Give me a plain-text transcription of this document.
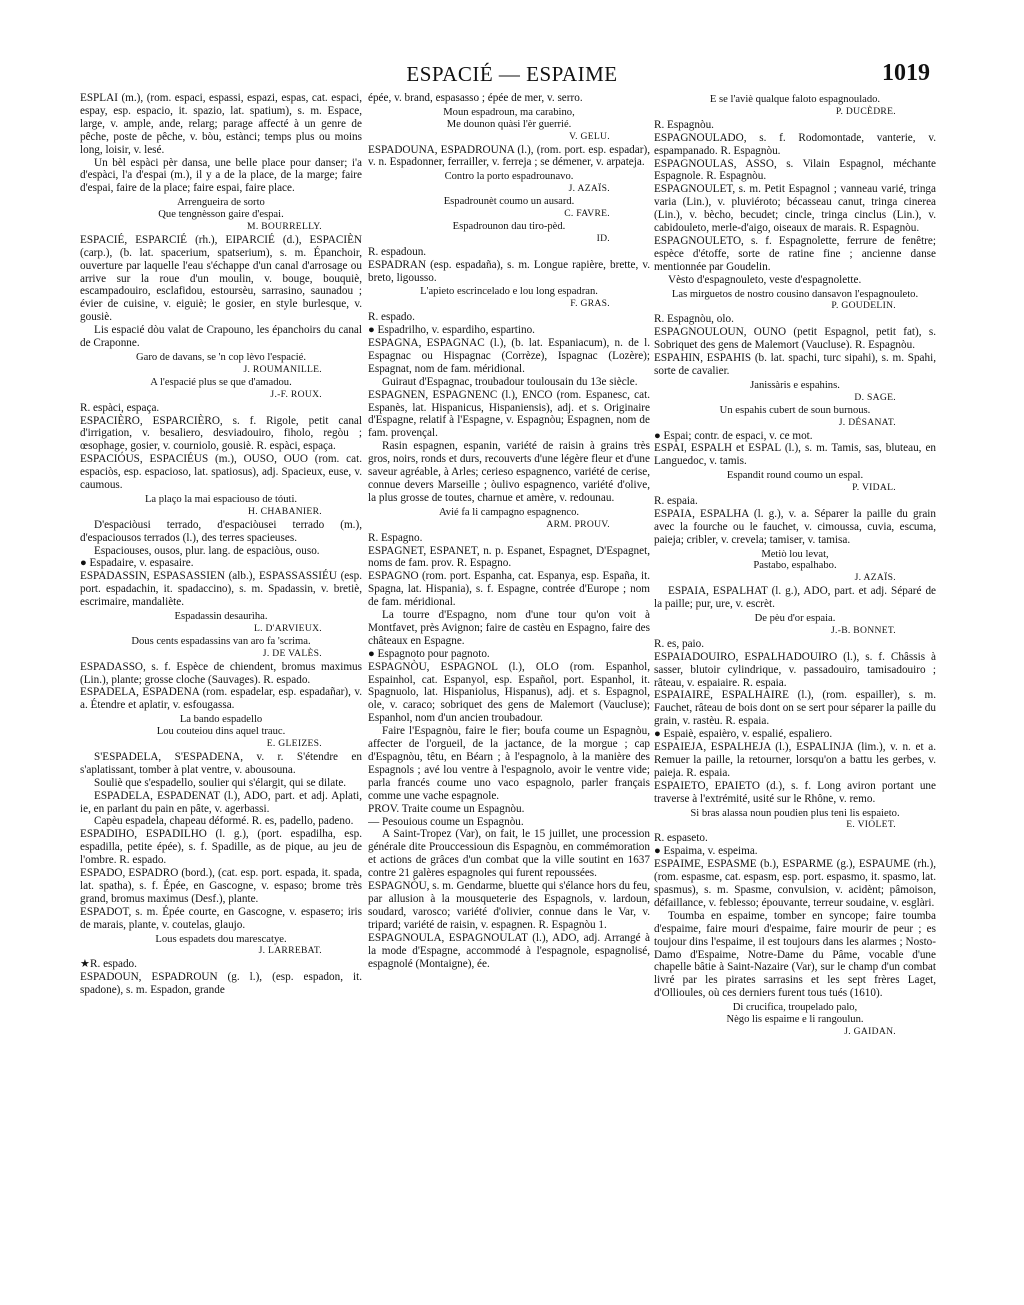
ESPACIÉ — ESPAIME	1019
ESPLAI (m.), (rom. espaci, espassi, espazi, espas, cat. espaci, espay, esp. espacio, it. spazio, lat. spatium), s. m. Espace, large, v. ample, ande, relarg; parage affecté à un genre de pêche, poste de pêche, v. bòu, estànci; temps plus ou moins long, loisir, v. lesé.
Un bèl espàci pèr dansa, une belle place pour danser; i'a d'espàci, l'a d'espai (m.), il y a de la place, de la marge; faire d'espai, faire de la place; faire espai, faire place.
Arrengueira de sorto
Que tengnèsson gaire d'espai.
M. BOURRELLY.
ESPACIÉ, ESPARCIÉ (rh.), EIPARCIÉ (d.), ESPACIÈN (carp.), (b. lat. spacerium, spatserium), s. m. Épanchoir, ouverture par laquelle l'eau s'échappe d'un canal d'arrosage ou arrive sur la roue d'un moulin, v. bouge, bouquiè, escampadouiro, esclafidou, estoursèu, sarrasino, saunadou ; évier de cuisine, v. eiguiè; le gosier, en style burlesque, v. gousiè.
Lis espacié dòu valat de Crapouno, les épanchoirs du canal de Craponne.
Garo de davans, se 'n cop lèvo l'espacié.
J. ROUMANILLE.
A l'espacié plus se que d'amadou.
J.-F. ROUX.
R. espàci, espaça.
ESPACIÈRO, ESPARCIÈRO, s. f. Rigole, petit canal d'irrigation, v. besaliero, desviadouiro, fiholo, regòu ; œsophage, gosier, v. courniolo, gousiè. R. espàci, espaça.
ESPACIÓUS, ESPACIÉUS (m.), OUSO, OUO (rom. cat. espaciòs, esp. espacioso, lat. spatiosus), adj. Spacieux, euse, v. caumous.
La plaço la mai espaciouso de tóuti.
H. CHABANIER.
D'espaciòusi terrado, d'espaciòusei terrado (m.), d'espaciousos terrados (l.), des terres spacieuses.
Espaciouses, ousos, plur. lang. de espaciòus, ouso.
● Espadaire, v. espasaire.
ESPADASSIN, ESPASASSIEN (alb.), ESPASSASSIÉU (esp. port. espadachin, it. spadaccino), s. m. Spadassin, v. bretiè, escrimaire, mandaliète.
Espadassin desaurìha.
L. D'ARVIEUX.
Dous cents espadassins van aro fa 'scrima.
J. DE VALÈS.
ESPADASSO, s. f. Espèce de chiendent, bromus maximus (Lin.), plante; grosse cloche (Sauvages). R. espado.
ESPADELA, ESPADENA (rom. espadelar, esp. espadañar), v. a. Étendre et aplatir, v. esfougassa.
La bando espadello
Lou couteiou dins aquel trauc.
E. GLEIZES.
S'ESPADELA, S'ESPADENA, v. r. S'étendre en s'aplatissant, tomber à plat ventre, v. abousouna.
Souliè que s'espadello, soulier qui s'élargit, qui se dilate.
ESPADELA, ESPADENAT (l.), ADO, part. et adj. Aplati, ie, en parlant du pain en pâte, v. agerbassi.
Capèu espadela, chapeau déformé. R. es, padello, padeno.
ESPADIHO, ESPADILHO (l. g.), (port. espadilha, esp. espadilla, petite épée), s. f. Spadille, as de pique, au jeu de l'ombre. R. espado.
ESPADO, ESPADRO (bord.), (cat. esp. port. espada, it. spada, lat. spatha), s. f. Épée, en Gascogne, v. espaso; brome très grand, bromus maximus (Desf.), plante.
ESPADOT, s. m. Épée courte, en Gascogne, v. espasето; iris de marais, plante, v. coutelas, glaujo.
Lous espadets dou marescatye.
J. LARREBAT.
★R. espado.
ESPADOUN, ESPADROUN (g. l.), (esp. espadon, it. spadone), s. m. Espadon, grande
épée, v. brand, espasasso ; épée de mer, v. serro.
Moun espadroun, ma carabino,
Me dounon quàsi l'èr guerrié.
V. GELU.
ESPADOUNA, ESPADROUNA (l.), (rom. port. esp. espadar), v. n. Espadonner, ferrailler, v. ferreja ; se démener, v. arpateja.
Contro la porto espadrounavo.
J. AZAÏS.
Espadrounèt coumo un ausard.
C. FAVRE.
Espadrounon dau tiro-pèd.
ID.
R. espadoun.
ESPADRAN (esp. espadaña), s. m. Longue rapière, brette, v. breto, ligousso.
L'apieto escrincelado e lou long espadran.
F. GRAS.
R. espado.
● Espadrilho, v. espardiho, espartino.
ESPAGNA, ESPAGNAC (l.), (b. lat. Espaniacum), n. de l. Espagnac ou Hispagnac (Corrèze), Ispagnac (Lozère); Espagnat, nom de fam. méridional.
Guiraut d'Espagnac, troubadour toulousain du 13e siècle.
ESPAGNEN, ESPAGNENC (l.), ENCO (rom. Espanesc, cat. Espanès, lat. Hispanicus, Hispaniensis), adj. et s. Originaire d'Espagne, relatif à l'Espagne, v. Espagnòu; Espagnen, nom de fam. provençal.
Rasin espagnen, espanin, variété de raisin à grains très gros, noirs, ronds et durs, recouverts d'une légère fleur et d'une saveur agréable, à Arles; cerieso espagnenco, variété de cerise, connue devers Marseille ; òulivo espagnenco, variété d'olive, la plus grosse de toutes, charnue et amère, v. redounau.
Avié fa li campagno espagnenco.
ARM. PROUV.
R. Espagno.
ESPAGNET, ESPANET, n. p. Espanet, Espagnet, D'Espagnet, noms de fam. prov. R. Espagno.
ESPAGNO (rom. port. Espanha, cat. Espanya, esp. España, it. Spagna, lat. Hispania), s. f. Espagne, contrée d'Europe ; nom de fam. méridional.
La tourre d'Espagno, nom d'une tour qu'on voit à Montfavet, près Avignon; faire de castèu en Espagno, faire des châteaux en Espagne.
● Espagnoto pour pagnoto.
ESPAGNÒU, ESPAGNOL (l.), OLO (rom. Espanhol, Espainhol, cat. Espanyol, esp. Español, port. Espanhol, it. Spagnuolo, lat. Hispaniolus, Hispanus), adj. et s. Espagnol, ole, v. caraco; sobriquet des gens de Malemort (Vaucluse); Espanhol, nom d'un ancien troubadour.
Faire l'Espagnòu, faire le fier; boufa coume un Espagnòu, affecter de l'orgueil, de la jactance, de la morgue ; cap d'Espagnòu, têtu, en Béarn ; à l'espagnolo, à la manière des Espagnols ; avé lou ventre à l'espagnolo, avoir le ventre vide; parla francés coume uno vaco espagnolo, parler français comme une vache espagnole.
PROV. Traite coume un Espagnòu.
— Pesouious coume un Espagnòu.
A Saint-Tropez (Var), on fait, le 15 juillet, une procession générale dite Prouccessioun dis Espagnòu, en commémoration et actions de grâces d'un combat que la ville soutint en 1637 contre 21 galères espagnoles qui furent repoussées.
ESPAGNÒU, s. m. Gendarme, bluette qui s'élance hors du feu, par allusion à la mousqueterie des Espagnols, v. lardoun, soudard, varosco; variété d'olivier, connue dans le Var, v. tripard; variété de raisin, v. espagnen. R. Espagnòu 1.
ESPAGNOULA, ESPAGNOULAT (l.), ADO, adj. Arrangé à la mode d'Espagne, accommodé à l'espagnole, espagnolisé, espagnolé (Montaigne), ée.
E se l'aviè qualque faloto espagnoulado.
P. DUCÈDRE.
R. Espagnòu.
ESPAGNOULADO, s. f. Rodomontade, vanterie, v. espampanado. R. Espagnòu.
ESPAGNOULAS, ASSO, s. Vilain Espagnol, méchante Espagnole. R. Espagnòu.
ESPAGNOULET, s. m. Petit Espagnol ; vanneau varié, tringa varia (Lin.), v. pluviéroto; bécasseau canut, tringa cinerea (Lin.), v. bècho, becudet; cincle, tringa cinclus (Lin.), v. cabidouleto, merle-d'aigo, oiseaux de marais. R. Espagnòu.
ESPAGNOULETO, s. f. Espagnolette, ferrure de fenêtre; espèce d'étoffe, sorte de ratine fine ; ancienne danse mentionnée par Goudelin.
Vèsto d'espagnouleto, veste d'espagnolette.
Las mirguetos de nostro cousino dansavon l'espagnouleto.
P. GOUDELIN.
R. Espagnòu, olo.
ESPAGNOULOUN, OUNO (petit Espagnol, petit fat), s. Sobriquet des gens de Malemort (Vaucluse). R. Espagnòu.
ESPAHIN, ESPAHIS (b. lat. spachi, turc sipahi), s. m. Spahi, sorte de cavalier.
Janissàris e espahins.
D. SAGE.
Un espahis cubert de soun burnous.
J. DÉSANAT.
● Espai; contr. de espaci, v. ce mot.
ESPAI, ESPALH et ESPAL (l.), s. m. Tamis, sas, bluteau, en Languedoc, v. tamis.
Espandit round coumo un espal.
P. VIDAL.
R. espaia.
ESPAIA, ESPALHA (l. g.), v. a. Séparer la paille du grain avec la fourche ou le fauchet, v. cimoussa, cuvia, escuma, paieja; cribler, v. crevela; tamiser, v. tamisa.
Metiò lou levat,
Pastabo, espalhabo.
J. AZAÏS.
ESPAIA, ESPALHAT (l. g.), ADO, part. et adj. Séparé de la paille; pur, ure, v. escrèt.
De pèu d'or espaia.
J.-B. BONNET.
R. es, paio.
ESPAIADOUIRO, ESPALHADOUIRO (l.), s. f. Châssis à sasser, blutoir cylindrique, v. passadouiro, tamisadouiro ; râteau, v. espaiaire. R. espaia.
ESPAIAIRE, ESPALHAIRE (l.), (rom. espailler), s. m. Fauchet, râteau de bois dont on se sert pour séparer la paille du grain, v. rastèu. R. espaia.
● Espaiè, espaièro, v. espalié, espaliero.
ESPAIEJA, ESPALHEJA (l.), ESPALINJA (lim.), v. n. et a. Remuer la paille, la retourner, lorsqu'on a battu les gerbes, v. paieja. R. espaia.
ESPAIETO, EPAIETO (d.), s. f. Long aviron portant une traverse à l'extrémité, usité sur le Rhône, v. remo.
Si bras alassa noun poudien plus teni lis espaieto.
E. VIOLET.
R. espaseto.
● Espaima, v. espeima.
ESPAIME, ESPASME (b.), ESPARME (g.), ESPAUME (rh.), (rom. espasme, cat. espasm, esp. port. espasmo, it. spasmo, lat. spasmus), s. m. Spasme, convulsion, v. acidènt; pâmoison, défaillance, v. feblesso; épouvante, terreur soudaine, v. esglàri.
Toumba en espaime, tomber en syncope; faire toumba d'espaime, faire mouri d'espaime, faire mourir de peur ; es toujour dins l'espaime, il est toujours dans les alarmes ; Nosto-Damo d'Espaime, Notre-Dame du Pâme, vocable d'une chapelle bâtie à Saint-Nazaire (Var), sur le champ d'un combat livré par les pirates sarrasins et les sept frères Laget, d'Ollioules, où ces derniers furent tous tués (1610).
Di crucifica, troupelado palo,
Nègo lis espaime e li rangoulun.
J. GAIDAN.
